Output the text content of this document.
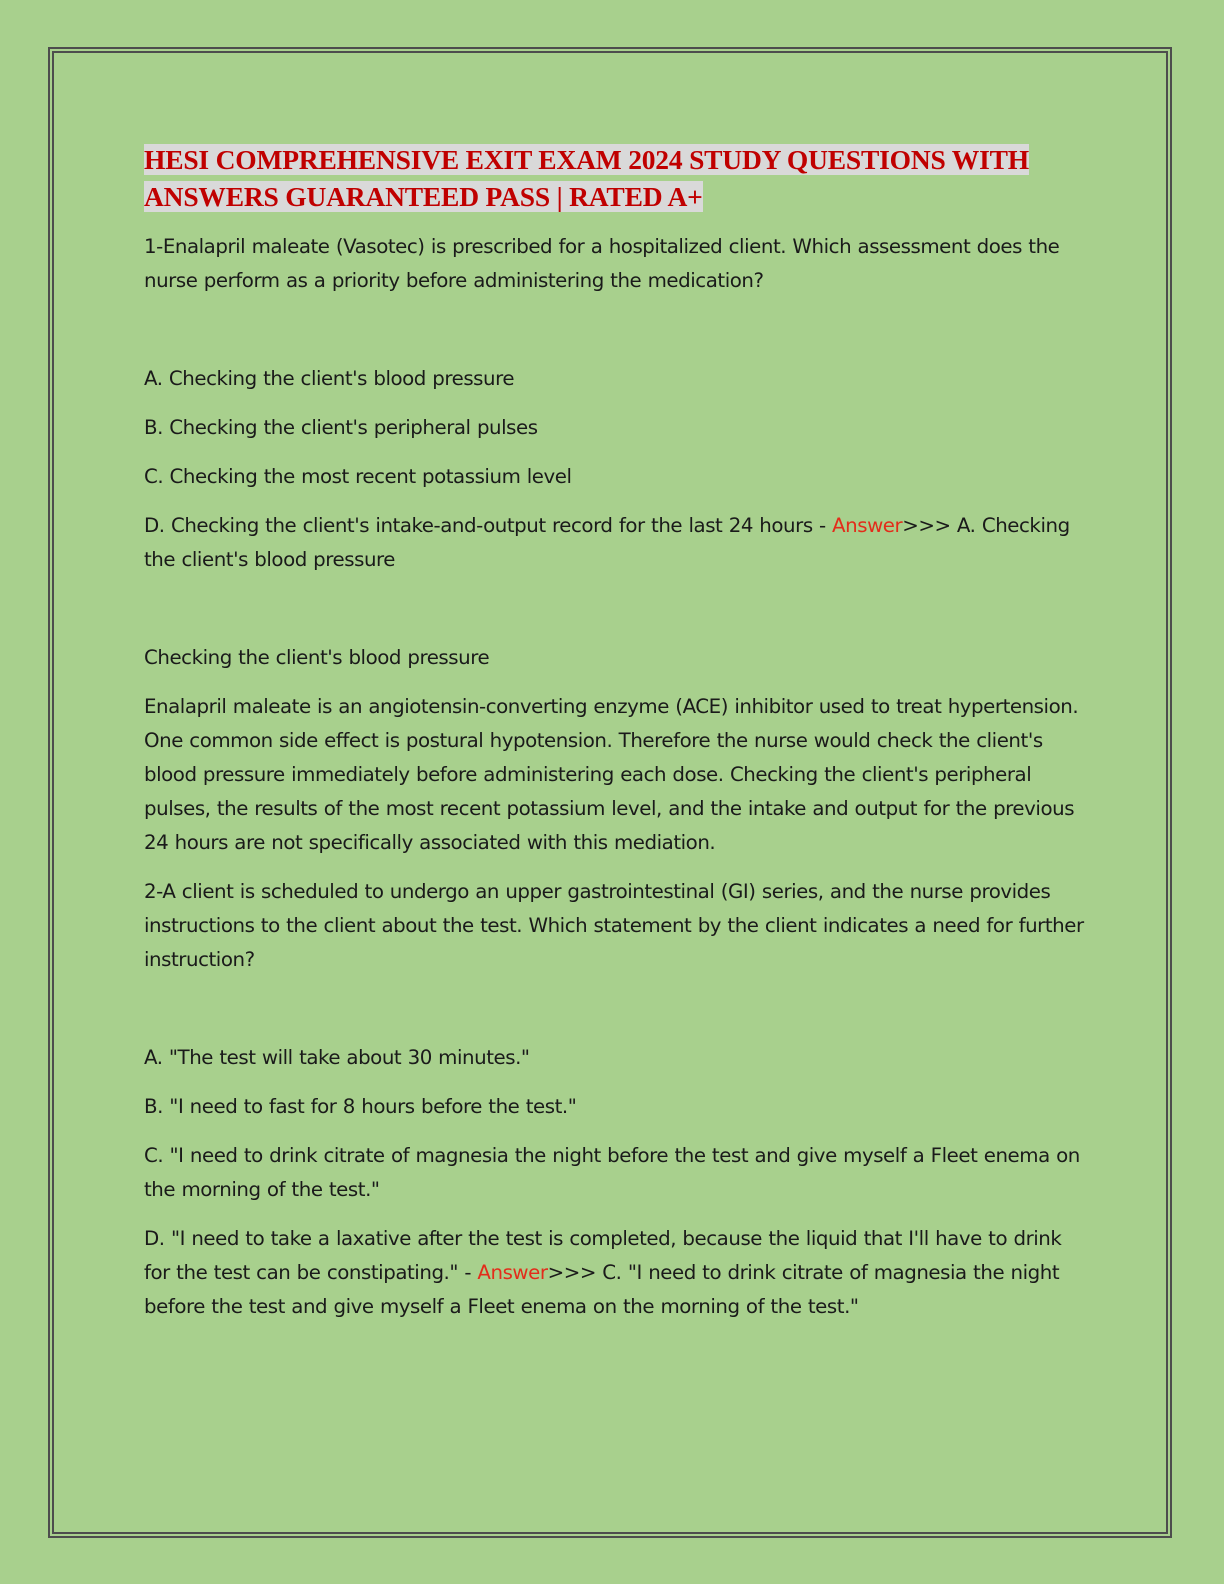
HESI COMPREHENSIVE EXIT EXAM 2024 STUDY QUESTIONS WITH
ANSWERS GUARANTEED PASS | RATED A+

1-Enalapril maleate (Vasotec) is prescribed for a hospitalized client. Which assessment does the nurse perform as a priority before administering the medication?

A. Checking the client's blood pressure

B. Checking the client's peripheral pulses

C. Checking the most recent potassium level

D. Checking the client's intake-and-output record for the last 24 hours - Answer>>> A. Checking the client's blood pressure

Checking the client's blood pressure

Enalapril maleate is an angiotensin-converting enzyme (ACE) inhibitor used to treat hypertension. One common side effect is postural hypotension. Therefore the nurse would check the client's blood pressure immediately before administering each dose. Checking the client's peripheral pulses, the results of the most recent potassium level, and the intake and output for the previous 24 hours are not specifically associated with this mediation.

2-A client is scheduled to undergo an upper gastrointestinal (GI) series, and the nurse provides instructions to the client about the test. Which statement by the client indicates a need for further instruction?

A. "The test will take about 30 minutes."

B. "I need to fast for 8 hours before the test."

C. "I need to drink citrate of magnesia the night before the test and give myself a Fleet enema on the morning of the test."

D. "I need to take a laxative after the test is completed, because the liquid that I'll have to drink for the test can be constipating." - Answer>>> C. "I need to drink citrate of magnesia the night before the test and give myself a Fleet enema on the morning of the test."
